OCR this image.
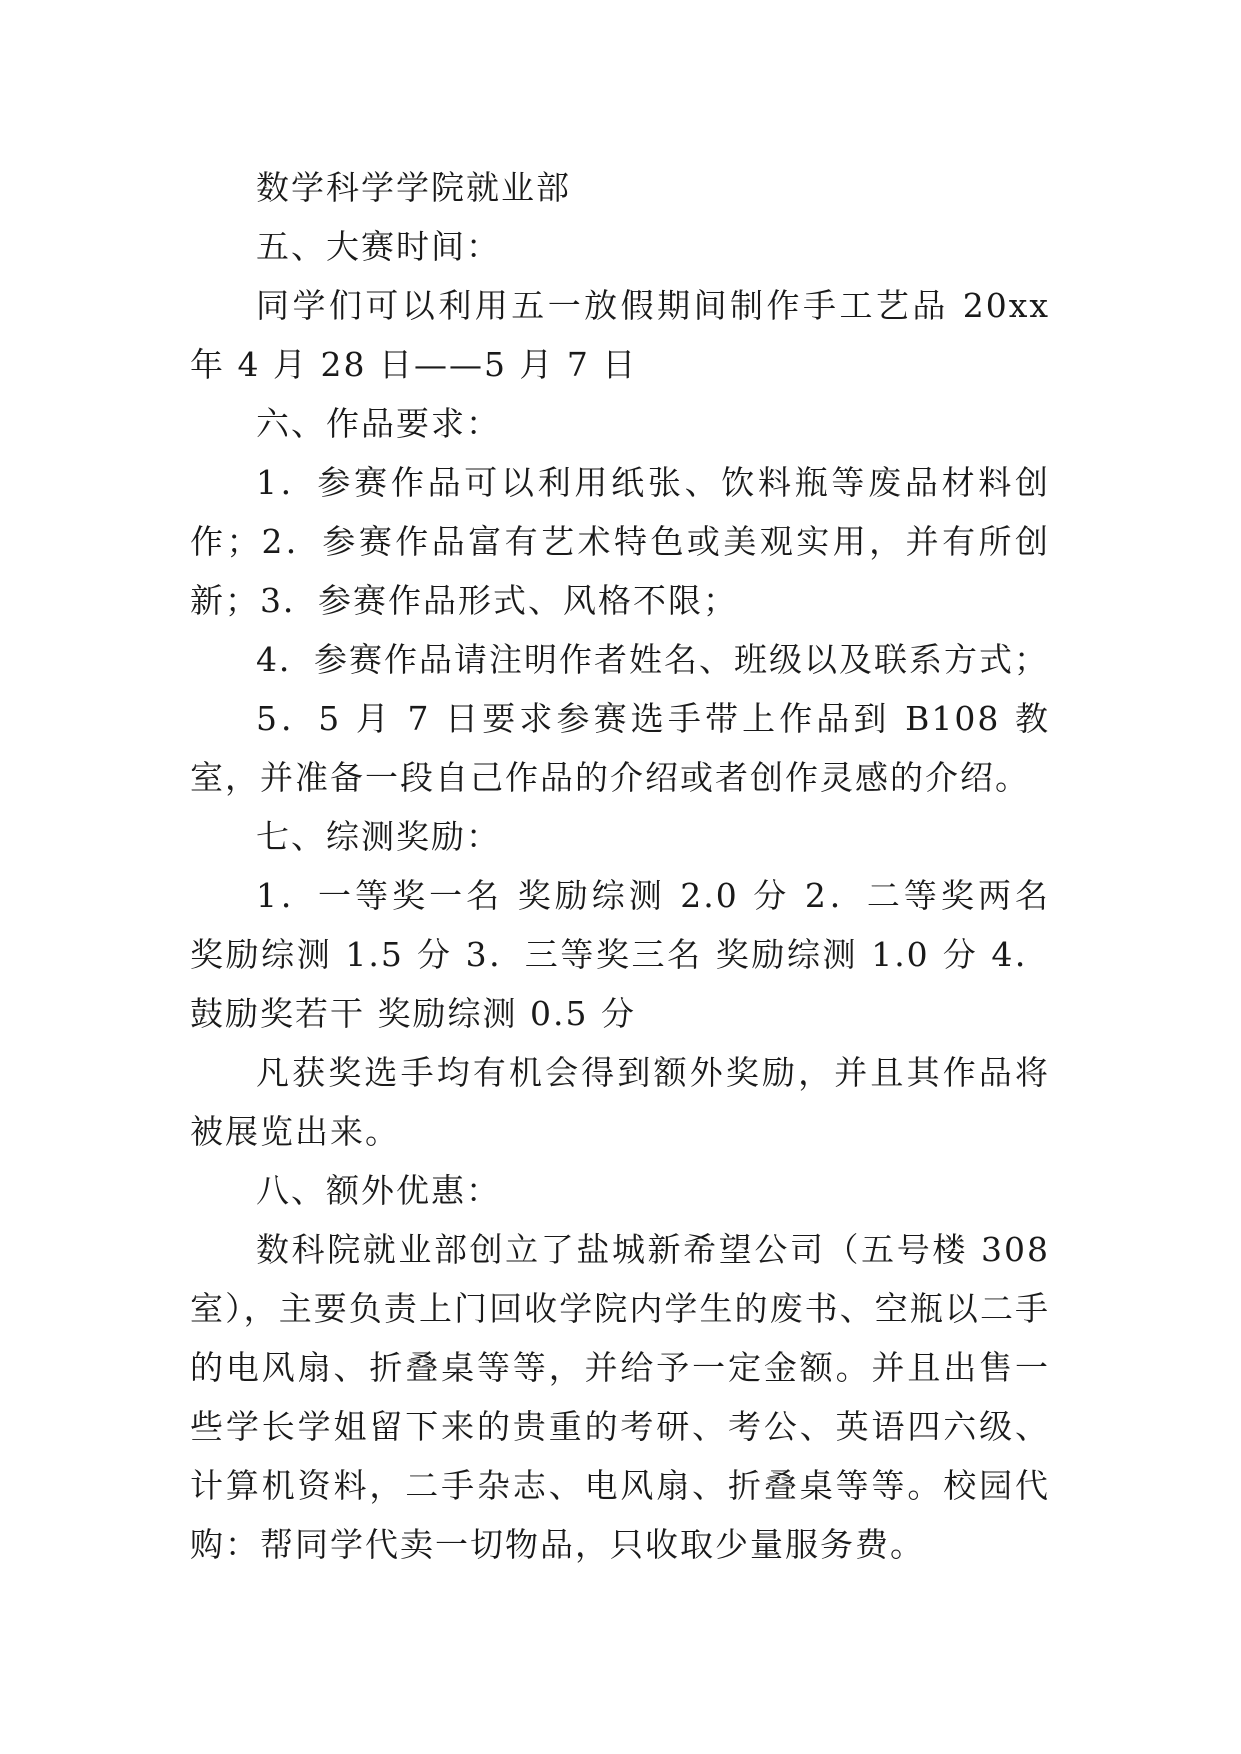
数学科学学院就业部

五、大赛时间：

同学们可以利用五一放假期间制作手工艺品 20xx 年 4 月 28 日——5 月 7 日

六、作品要求：

1．参赛作品可以利用纸张、饮料瓶等废品材料创作；2．参赛作品富有艺术特色或美观实用，并有所创新；3．参赛作品形式、风格不限；

4．参赛作品请注明作者姓名、班级以及联系方式；

5．5 月 7 日要求参赛选手带上作品到 B108 教室，并准备一段自己作品的介绍或者创作灵感的介绍。

七、综测奖励：

1．一等奖一名 奖励综测 2.0 分 2．二等奖两名 奖励综测 1.5 分 3．三等奖三名 奖励综测 1.0 分 4．鼓励奖若干 奖励综测 0.5 分

凡获奖选手均有机会得到额外奖励，并且其作品将被展览出来。

八、额外优惠：

数科院就业部创立了盐城新希望公司（五号楼 308 室），主要负责上门回收学院内学生的废书、空瓶以二手的电风扇、折叠桌等等，并给予一定金额。并且出售一些学长学姐留下来的贵重的考研、考公、英语四六级、计算机资料，二手杂志、电风扇、折叠桌等等。校园代购：帮同学代卖一切物品，只收取少量服务费。
